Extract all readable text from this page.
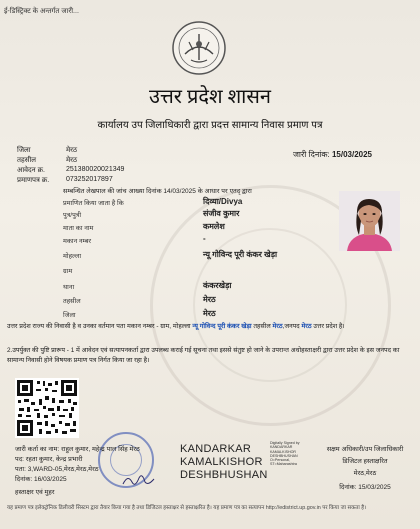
ई-डिस्ट्रिक्ट के अन्तर्गत जारी...
उत्तर प्रदेश शासन
कार्यालय उप जिलाधिकारी द्वारा प्रदत्त सामान्य निवास प्रमाण पत्र
जिला	मेरठ
तहसील	मेरठ
आवेदन क्र.	251380020021349
प्रमाणपत्र क्र. 073252017897
जारी दिनांक: 15/03/2025
सम्बन्धित लेखपाल की जांच आख्या दिनांक 14/03/2025 के आधार पर एतद् द्वारा
प्रमाणित किया जाता है कि	दिव्या/Divya
पुत्र/पुत्री	संजीव कुमार
माता का नाम	कमलेश
मकान नम्बर	-
मोहल्ला	न्यू गोविन्द पूरी कंकर खेड़ा
ग्राम
थाना	कंकरखेड़ा
तहसील	मेरठ
जिला	मेरठ
उत्तर प्रदेश राज्य की निवासी है व उनका वर्तमान पता मकान नम्बर - ग्राम, मोहल्ला न्यू गोविन्द पूरी कंकर खेड़ा तहसील मेरठ,जनपद मेरठ उत्तर प्रदेश है।
2.उपर्युक्त की पुष्टि प्रारूप - 1 में आवेदन एवं सत्यापनकर्ता द्वारा उपलब्ध कराई गई सूचना तथा इससे संतुष्ट हो जाने के उपरान्त अधोहस्ताक्षरी द्वारा उत्तर प्रदेश के इस जनपद का सामान्य निवासी होने विषयक प्रमाण पत्र निर्गत किया जा रहा है।
जारी कर्ता का नाम: राहुल कुमार, महेन्द्र पाल सिंह मेरठ
पद: रहता कुमार, केन्द्र प्रभारी
पता: 3,WARD-05,मेरठ,मेरठ,मेरठ
दिनांक: 16/03/2025
हस्ताक्षर एवं मुहर
KANDARKAR
KAMALKISHOR
DESHBHUSHAN
Digitally Signed by
KANDARKAR
KAMALKISHOR
DESHBHUSHAN
O=Personal,
ST=Maharashtra
सक्षम अधिकारी/उप जिलाधिकारी
डिजिटल हस्ताक्षरित
मेरठ,मेरठ
दिनांक: 15/03/2025
यह प्रमाण पत्र इलेक्ट्रॉनिक डिलीवरी सिस्टम द्वारा तैयार किया गया है तथा डिजिटल हस्ताक्षर से हस्ताक्षरित है। यह प्रमाण पत्र का सत्यापन http://edistrict.up.gov.in पर किया जा सकता है।
